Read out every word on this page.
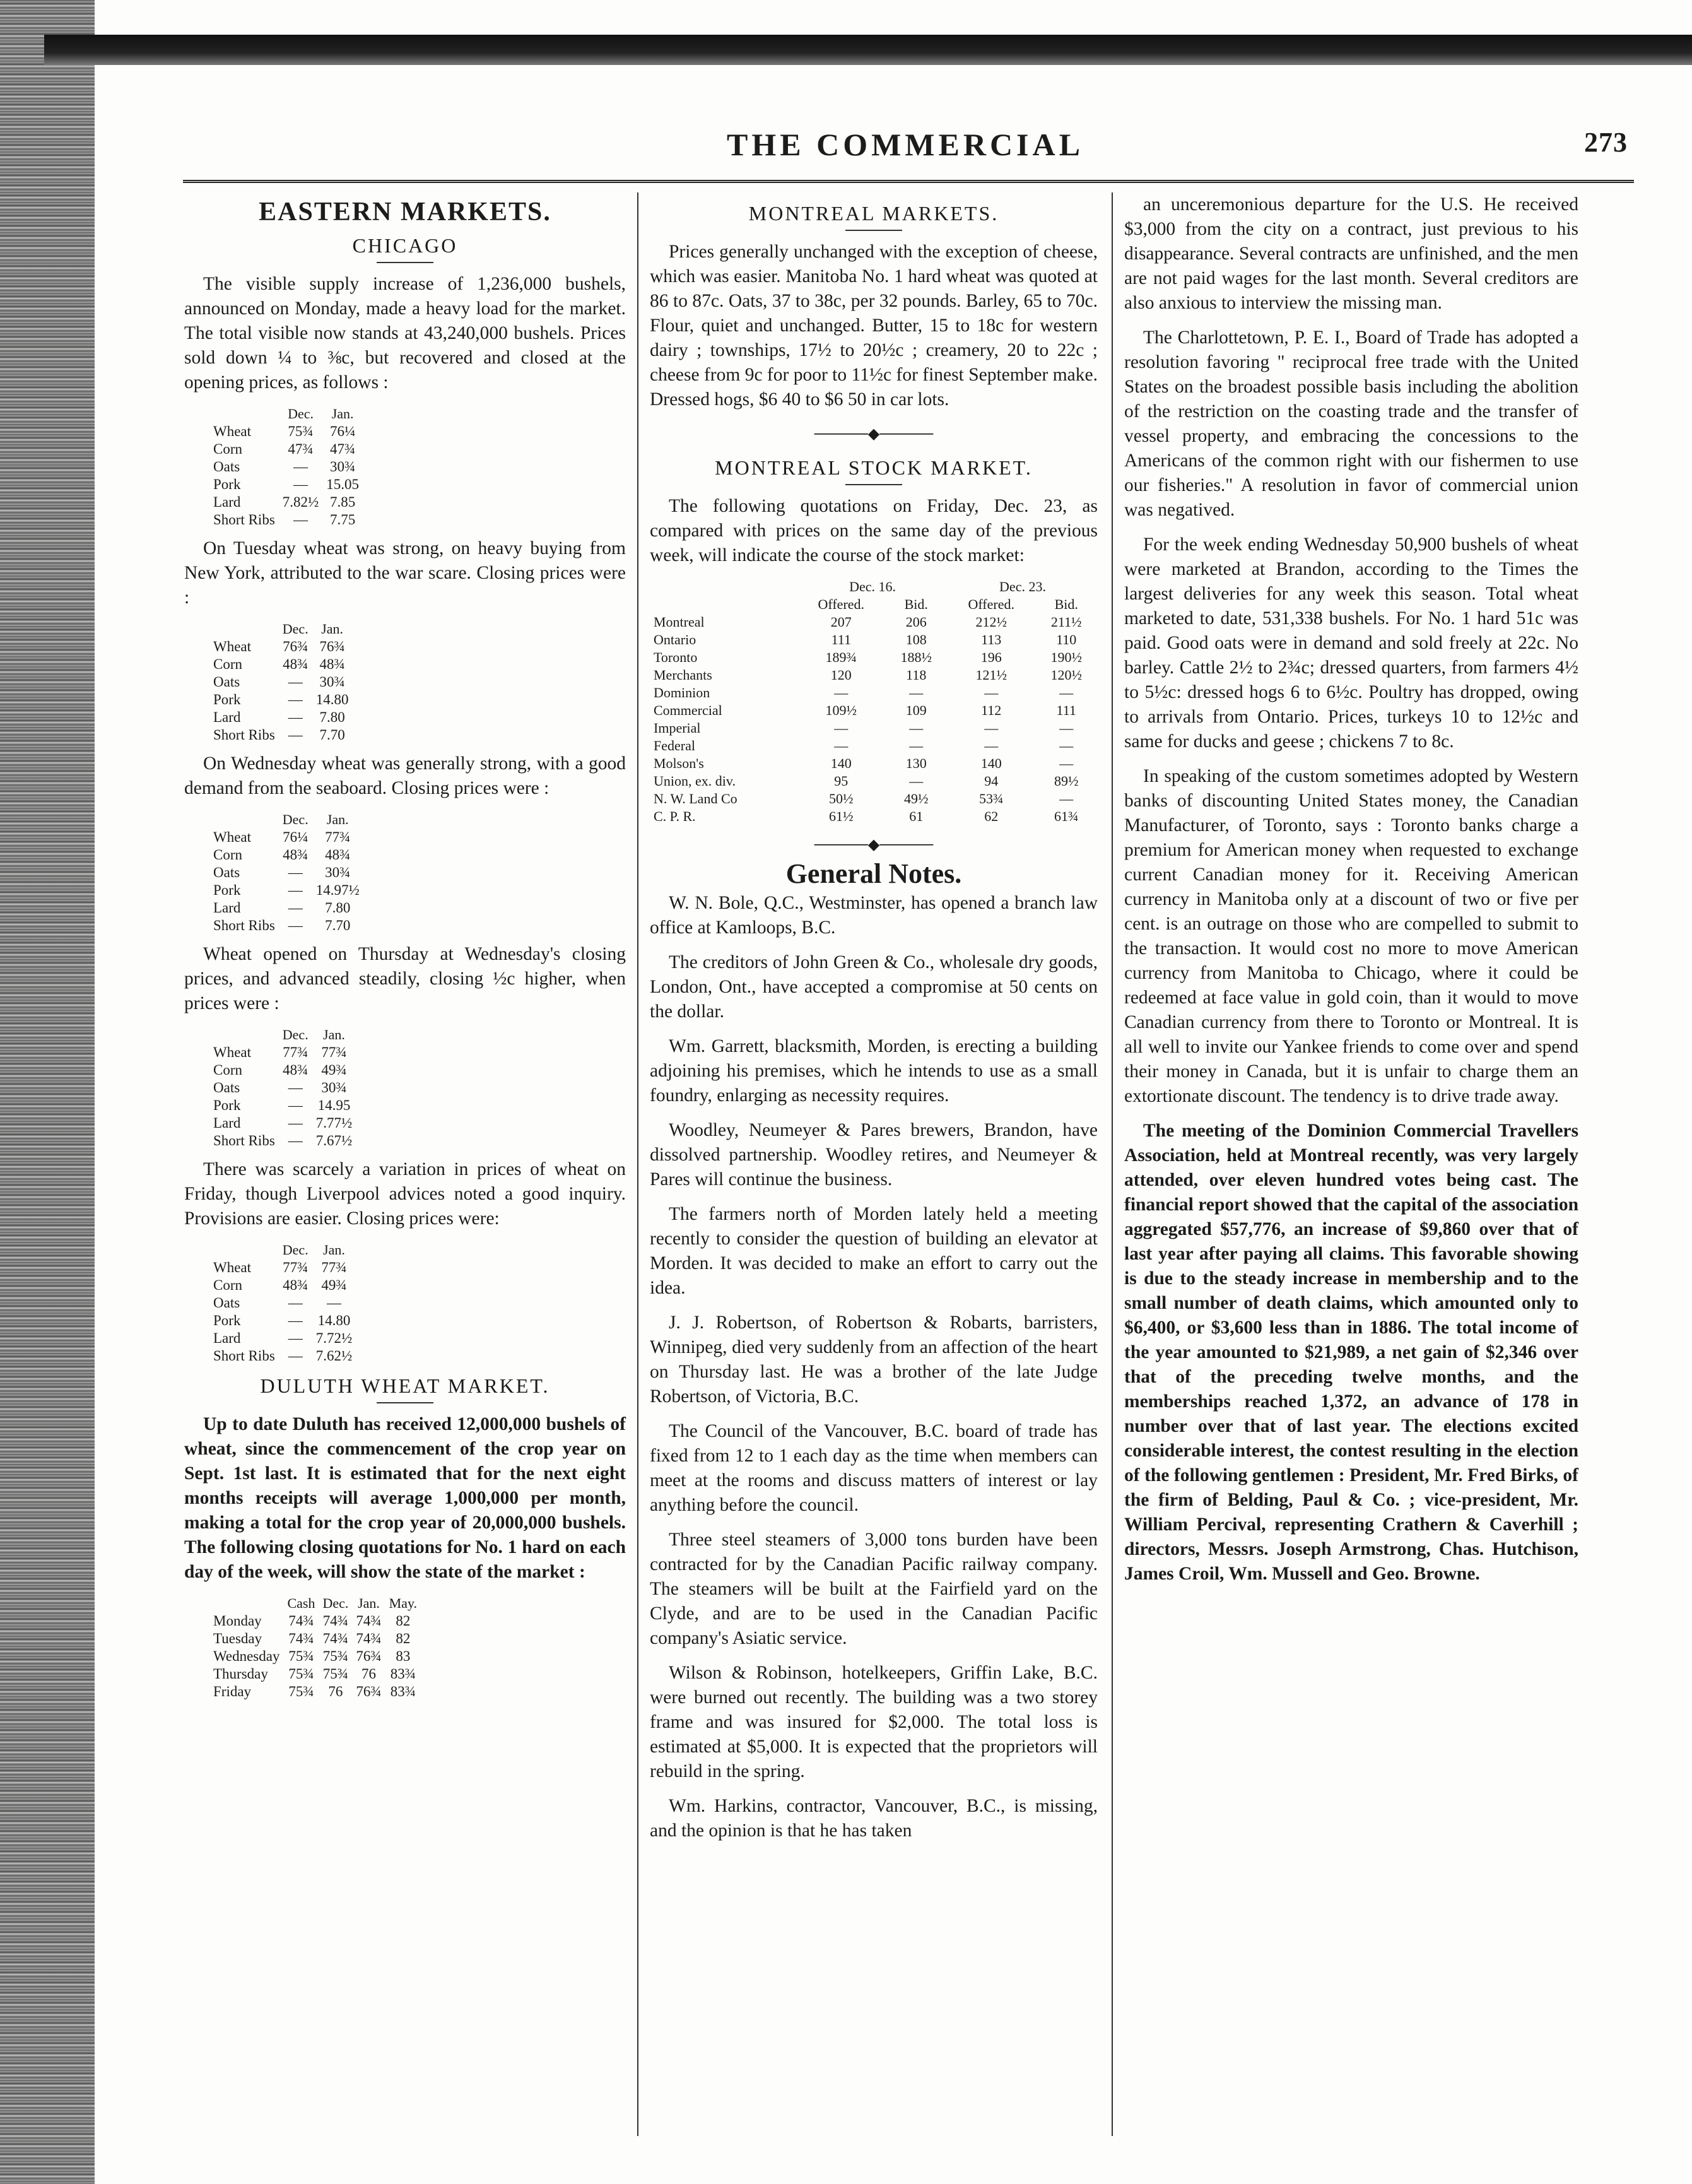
THE COMMERCIAL	273
EASTERN MARKETS.
CHICAGO

The visible supply increase of 1,236,000 bushels, announced on Monday, made a heavy load for the market. The total visible now stands at 43,240,000 bushels. Prices sold down ¼ to ⅜c, but recovered and closed at the opening prices, as follows :

	Dec.	Jan.
Wheat	75¾	76¼
Corn	47¾	47¾
Oats	—	30¾
Pork	—	15.05
Lard	7.82½	7.85
Short Ribs	—	7.75

On Tuesday wheat was strong, on heavy buying from New York, attributed to the war scare. Closing prices were :

	Dec.	Jan.
Wheat	76¾	76¾
Corn	48¾	48¾
Oats	—	30¾
Pork	—	14.80
Lard	—	7.80
Short Ribs	—	7.70

On Wednesday wheat was generally strong, with a good demand from the seaboard. Closing prices were :

	Dec.	Jan.
Wheat	76¼	77¾
Corn	48¾	48¾
Oats	—	30¾
Pork	—	14.97½
Lard	—	7.80
Short Ribs	—	7.70

Wheat opened on Thursday at Wednesday's closing prices, and advanced steadily, closing ½c higher, when prices were :

	Dec.	Jan.
Wheat	77¾	77¾
Corn	48¾	49¾
Oats	—	30¾
Pork	—	14.95
Lard	—	7.77½
Short Ribs	—	7.67½

There was scarcely a variation in prices of wheat on Friday, though Liverpool advices noted a good inquiry. Provisions are easier. Closing prices were:

	Dec.	Jan.
Wheat	77¾	77¾
Corn	48¾	49¾
Oats	—	—
Pork	—	14.80
Lard	—	7.72½
Short Ribs	—	7.62½
DULUTH WHEAT MARKET.

Up to date Duluth has received 12,000,000 bushels of wheat, since the commencement of the crop year on Sept. 1st last. It is estimated that for the next eight months receipts will average 1,000,000 per month, making a total for the crop year of 20,000,000 bushels. The following closing quotations for No. 1 hard on each day of the week, will show the state of the market :

	Cash	Dec.	Jan.	May.
Monday	74¾	74¾	74¾	82
Tuesday	74¾	74¾	74¾	82
Wednesday	75¾	75¾	76¾	83
Thursday	75¾	75¾	76	83¾
Friday	75¾	76	76¾	83¾
MONTREAL MARKETS.

Prices generally unchanged with the exception of cheese, which was easier. Manitoba No. 1 hard wheat was quoted at 86 to 87c. Oats, 37 to 38c, per 32 pounds. Barley, 65 to 70c. Flour, quiet and unchanged. Butter, 15 to 18c for western dairy ; townships, 17½ to 20½c ; creamery, 20 to 22c ; cheese from 9c for poor to 11½c for finest September make. Dressed hogs, $6 40 to $6 50 in car lots.

─────◆─────
MONTREAL STOCK MARKET.

The following quotations on Friday, Dec. 23, as compared with prices on the same day of the previous week, will indicate the course of the stock market:

	Dec. 16.		Dec. 23.	
	Offered.	Bid.	Offered.	Bid.
Montreal	207	206	212½	211½
Ontario	111	108	113	110
Toronto	189¾	188½	196	190½
Merchants	120	118	121½	120½
Dominion	—	—	—	—
Commercial	109½	109	112	111
Imperial	—	—	—	—
Federal	—	—	—	—
Molson's	140	130	140	—
Union, ex. div.	95	—	94	89½
N. W. Land Co	50½	49½	53¾	—
C. P. R.	61½	61	62	61¾
─────◆─────
General Notes.

W. N. Bole, Q.C., Westminster, has opened a branch law office at Kamloops, B.C.

The creditors of John Green & Co., wholesale dry goods, London, Ont., have accepted a compromise at 50 cents on the dollar.

Wm. Garrett, blacksmith, Morden, is erecting a building adjoining his premises, which he intends to use as a small foundry, enlarging as necessity requires.

Woodley, Neumeyer & Pares brewers, Brandon, have dissolved partnership. Woodley retires, and Neumeyer & Pares will continue the business.

The farmers north of Morden lately held a meeting recently to consider the question of building an elevator at Morden. It was decided to make an effort to carry out the idea.

J. J. Robertson, of Robertson & Robarts, barristers, Winnipeg, died very suddenly from an affection of the heart on Thursday last. He was a brother of the late Judge Robertson, of Victoria, B.C.

The Council of the Vancouver, B.C. board of trade has fixed from 12 to 1 each day as the time when members can meet at the rooms and discuss matters of interest or lay anything before the council.

Three steel steamers of 3,000 tons burden have been contracted for by the Canadian Pacific railway company. The steamers will be built at the Fairfield yard on the Clyde, and are to be used in the Canadian Pacific company's Asiatic service.

Wilson & Robinson, hotelkeepers, Griffin Lake, B.C. were burned out recently. The building was a two storey frame and was insured for $2,000. The total loss is estimated at $5,000. It is expected that the proprietors will rebuild in the spring.

Wm. Harkins, contractor, Vancouver, B.C., is missing, and the opinion is that he has taken

an unceremonious departure for the U.S. He received $3,000 from the city on a contract, just previous to his disappearance. Several contracts are unfinished, and the men are not paid wages for the last month. Several creditors are also anxious to interview the missing man.

The Charlottetown, P. E. I., Board of Trade has adopted a resolution favoring " reciprocal free trade with the United States on the broadest possible basis including the abolition of the restriction on the coasting trade and the transfer of vessel property, and embracing the concessions to the Americans of the common right with our fishermen to use our fisheries." A resolution in favor of commercial union was negatived.

For the week ending Wednesday 50,900 bushels of wheat were marketed at Brandon, according to the Times the largest deliveries for any week this season. Total wheat marketed to date, 531,338 bushels. For No. 1 hard 51c was paid. Good oats were in demand and sold freely at 22c. No barley. Cattle 2½ to 2¾c; dressed quarters, from farmers 4½ to 5½c: dressed hogs 6 to 6½c. Poultry has dropped, owing to arrivals from Ontario. Prices, turkeys 10 to 12½c and same for ducks and geese ; chickens 7 to 8c.

In speaking of the custom sometimes adopted by Western banks of discounting United States money, the Canadian Manufacturer, of Toronto, says : Toronto banks charge a premium for American money when requested to exchange current Canadian money for it. Receiving American currency in Manitoba only at a discount of two or five per cent. is an outrage on those who are compelled to submit to the transaction. It would cost no more to move American currency from Manitoba to Chicago, where it could be redeemed at face value in gold coin, than it would to move Canadian currency from there to Toronto or Montreal. It is all well to invite our Yankee friends to come over and spend their money in Canada, but it is unfair to charge them an extortionate discount. The tendency is to drive trade away.

The meeting of the Dominion Commercial Travellers Association, held at Montreal recently, was very largely attended, over eleven hundred votes being cast. The financial report showed that the capital of the association aggregated $57,776, an increase of $9,860 over that of last year after paying all claims. This favorable showing is due to the steady increase in membership and to the small number of death claims, which amounted only to $6,400, or $3,600 less than in 1886. The total income of the year amounted to $21,989, a net gain of $2,346 over that of the preceding twelve months, and the memberships reached 1,372, an advance of 178 in number over that of last year. The elections excited considerable interest, the contest resulting in the election of the following gentlemen : President, Mr. Fred Birks, of the firm of Belding, Paul & Co. ; vice-president, Mr. William Percival, representing Crathern & Caverhill ; directors, Messrs. Joseph Armstrong, Chas. Hutchison, James Croil, Wm. Mussell and Geo. Browne.
